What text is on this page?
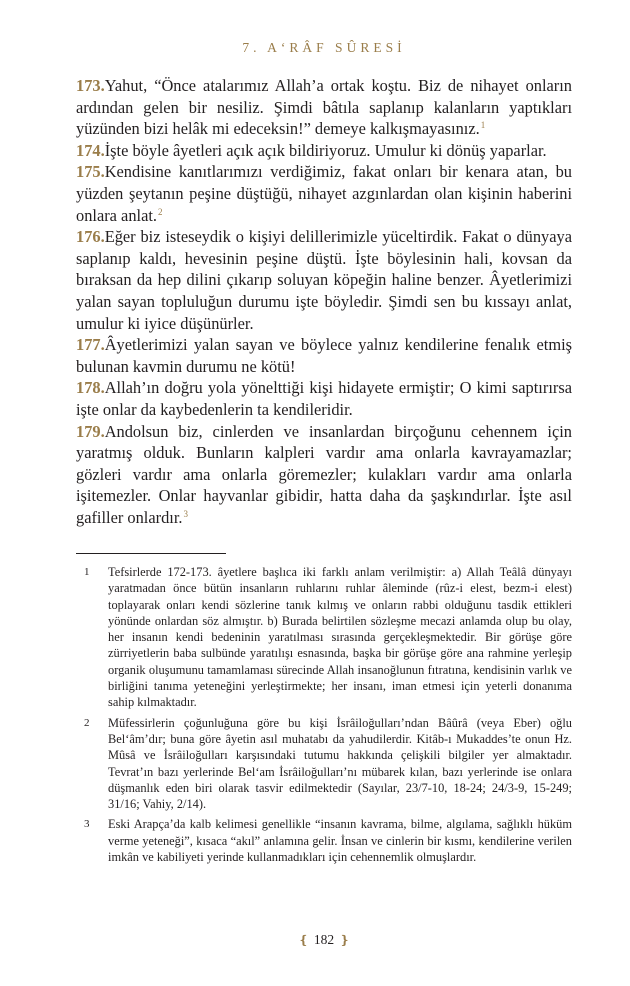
7. A‘RÂF SÛRESİ

173.Yahut, “Önce atalarımız Allah’a ortak koştu. Biz de nihayet onların ardından gelen bir nesiliz. Şimdi bâtıla saplanıp kalanların yaptıkları yüzünden bizi helâk mi edeceksin!” demeye kalkışmayasınız.$^1$

174.İşte böyle âyetleri açık açık bildiriyoruz. Umulur ki dönüş yaparlar.

175.Kendisine kanıtlarımızı verdiğimiz, fakat onları bir kenara atan, bu yüzden şeytanın peşine düştüğü, nihayet azgınlardan olan kişinin haberini onlara anlat.$^2$

176.Eğer biz isteseydik o kişiyi delillerimizle yüceltirdik. Fakat o dünyaya saplanıp kaldı, hevesinin peşine düştü. İşte böylesinin hali, kovsan da bıraksan da hep dilini çıkarıp soluyan köpeğin haline benzer. Âyetlerimizi yalan sayan topluluğun durumu işte böyledir. Şimdi sen bu kıssayı anlat, umulur ki iyice düşünürler.

177.Âyetlerimizi yalan sayan ve böylece yalnız kendilerine fenalık etmiş bulunan kavmin durumu ne kötü!

178.Allah’ın doğru yola yönelttiği kişi hidayete ermiştir; O kimi saptırırsa işte onlar da kaybedenlerin ta kendileridir.

179.Andolsun biz, cinlerden ve insanlardan birçoğunu cehennem için yaratmış olduk. Bunların kalpleri vardır ama onlarla kavrayamazlar; gözleri vardır ama onlarla göremezler; kulakları vardır ama onlarla işitemezler. Onlar hayvanlar gibidir, hatta daha da şaşkındırlar. İşte asıl gafiller onlardır.$^3$

1 Tefsirlerde 172-173. âyetlere başlıca iki farklı anlam verilmiştir: a) Allah Teâlâ dünyayı yaratmadan önce bütün insanların ruhlarını ruhlar âleminde (rûz-i elest, bezm-i elest) toplayarak onları kendi sözlerine tanık kılmış ve onların rabbi olduğunu tasdik ettikleri yönünde onlardan söz almıştır. b) Burada belirtilen sözleşme mecazi anlamda olup bu olay, her insanın kendi bedeninin yaratılması sırasında gerçekleşmektedir. Bir görüşe göre zürriyetlerin baba sulbünde yaratılışı esnasında, başka bir görüşe göre ana rahmine yerleşip organik oluşumunu tamamlaması sürecinde Allah insanoğlunun fıtratına, kendisinin varlık ve birliğini tanıma yeteneğini yerleştirmekte; her insanı, iman etmesi için yeterli donanıma sahip kılmaktadır.

2 Müfessirlerin çoğunluğuna göre bu kişi İsrâiloğulları’ndan Bâûrâ (veya Eber) oğlu Bel‘âm’dır; buna göre âyetin asıl muhatabı da yahudilerdir. Kitâb-ı Mukaddes’te onun Hz. Mûsâ ve İsrâiloğulları karşısındaki tutumu hakkında çelişkili bilgiler yer almaktadır. Tevrat’ın bazı yerlerinde Bel‘am İsrâiloğulları’nı mübarek kılan, bazı yerlerinde ise onlara düşmanlık eden biri olarak tasvir edilmektedir (Sayılar, 23/7-10, 18-24; 24/3-9, 15-249; 31/16; Vahiy, 2/14).

3 Eski Arapça’da kalb kelimesi genellikle “insanın kavrama, bilme, algılama, sağlıklı hüküm verme yeteneği”, kısaca “akıl” anlamına gelir. İnsan ve cinlerin bir kısmı, kendilerine verilen imkân ve kabiliyeti yerinde kullanmadıkları için cehennemlik olmuşlardır.

❴ 182 ❵
